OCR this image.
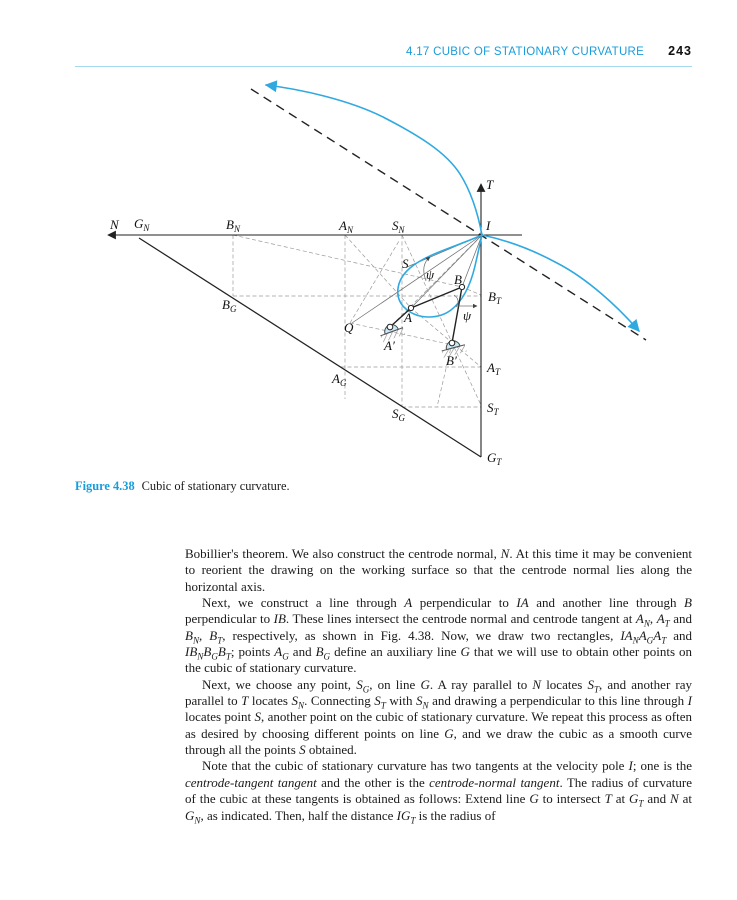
4.17 CUBIC OF STATIONARY CURVATURE 243
N $G_N$	$B_N$	$A_N$	$S_N$	I
T
S
ψ B
$B_T$
$B_G$
A	ψ
Q
A′
B′ $A_T$
$A_G$
$S_G$
$S_T$
$G_T$
Figure 4.38 Cubic of stationary curvature.

Bobillier's theorem. We also construct the centrode normal, N. At this time it may be convenient to reorient the drawing on the working surface so that the centrode normal lies along the horizontal axis.

Next, we construct a line through A perpendicular to IA and another line through B perpendicular to IB. These lines intersect the centrode normal and centrode tangent at $A_N$, $A_T$ and $B_N$, $B_T$, respectively, as shown in Fig. 4.38. Now, we draw two rectangles, $IA_NA_GA_T$ and $IB_NB_GB_T$; points $A_G$ and $B_G$ define an auxiliary line G that we will use to obtain other points on the cubic of stationary curvature.

Next, we choose any point, $S_G$, on line G. A ray parallel to N locates $S_T$, and another ray parallel to T locates $S_N$. Connecting $S_T$ with $S_N$ and drawing a perpendicular to this line through I locates point S, another point on the cubic of stationary curvature. We repeat this process as often as desired by choosing different points on line G, and we draw the cubic as a smooth curve through all the points S obtained.

Note that the cubic of stationary curvature has two tangents at the velocity pole I; one is the centrode-tangent tangent and the other is the centrode-normal tangent. The radius of curvature of the cubic at these tangents is obtained as follows: Extend line G to intersect T at $G_T$ and N at $G_N$, as indicated. Then, half the distance $IG_T$ is the radius of
